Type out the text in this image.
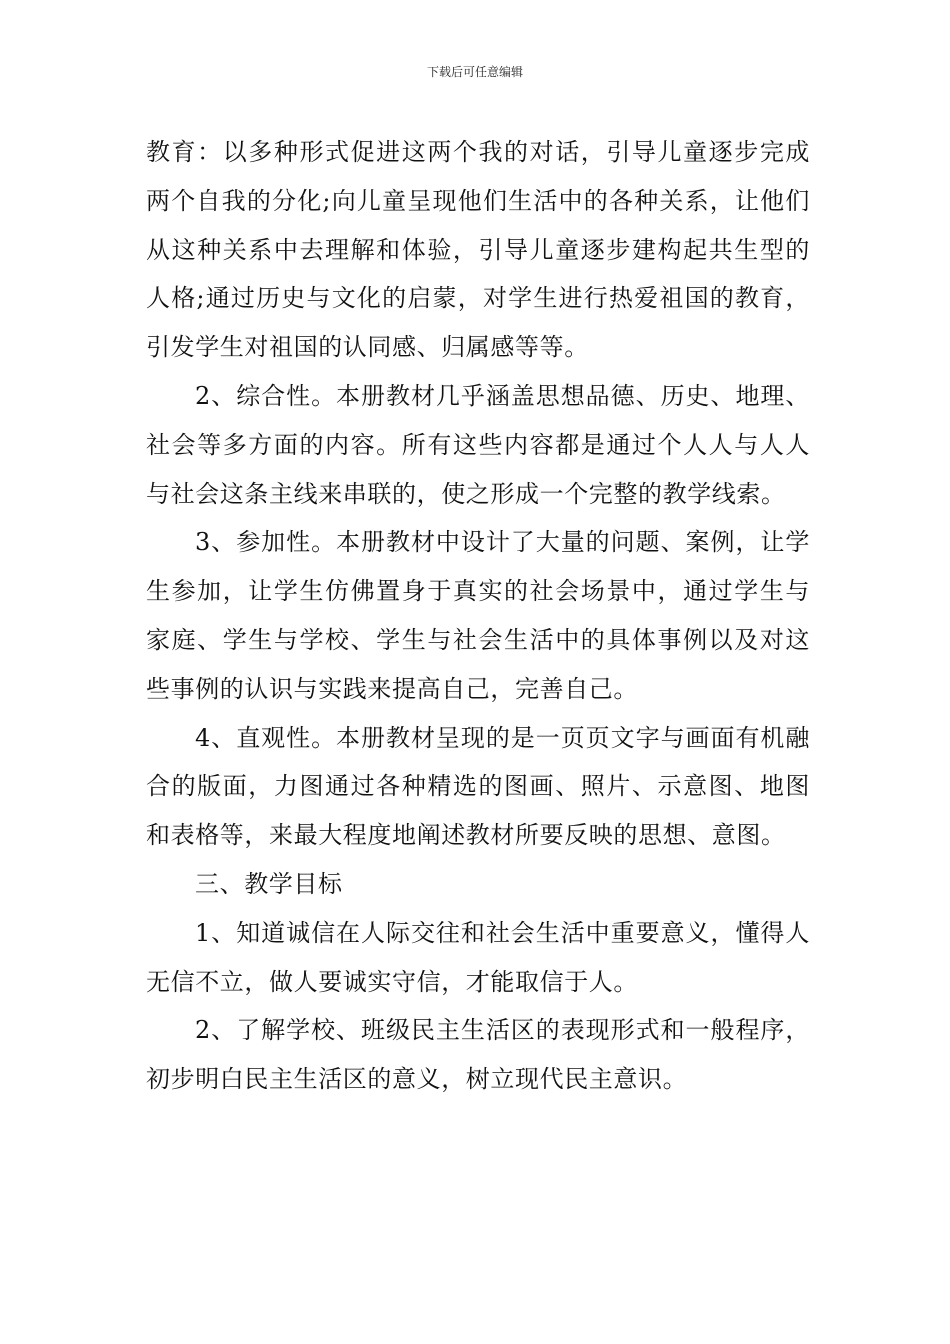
下载后可任意编辑

教育：以多种形式促进这两个我的对话，引导儿童逐步完成两个自我的分化;向儿童呈现他们生活中的各种关系，让他们从这种关系中去理解和体验，引导儿童逐步建构起共生型的人格;通过历史与文化的启蒙，对学生进行热爱祖国的教育，引发学生对祖国的认同感、归属感等等。

2、综合性。本册教材几乎涵盖思想品德、历史、地理、社会等多方面的内容。所有这些内容都是通过个人人与人人与社会这条主线来串联的，使之形成一个完整的教学线索。

3、参加性。本册教材中设计了大量的问题、案例，让学生参加，让学生仿佛置身于真实的社会场景中，通过学生与家庭、学生与学校、学生与社会生活中的具体事例以及对这些事例的认识与实践来提高自己，完善自己。

4、直观性。本册教材呈现的是一页页文字与画面有机融合的版面，力图通过各种精选的图画、照片、示意图、地图和表格等，来最大程度地阐述教材所要反映的思想、意图。

三、教学目标

1、知道诚信在人际交往和社会生活中重要意义，懂得人无信不立，做人要诚实守信，才能取信于人。

2、了解学校、班级民主生活区的表现形式和一般程序，初步明白民主生活区的意义，树立现代民主意识。
